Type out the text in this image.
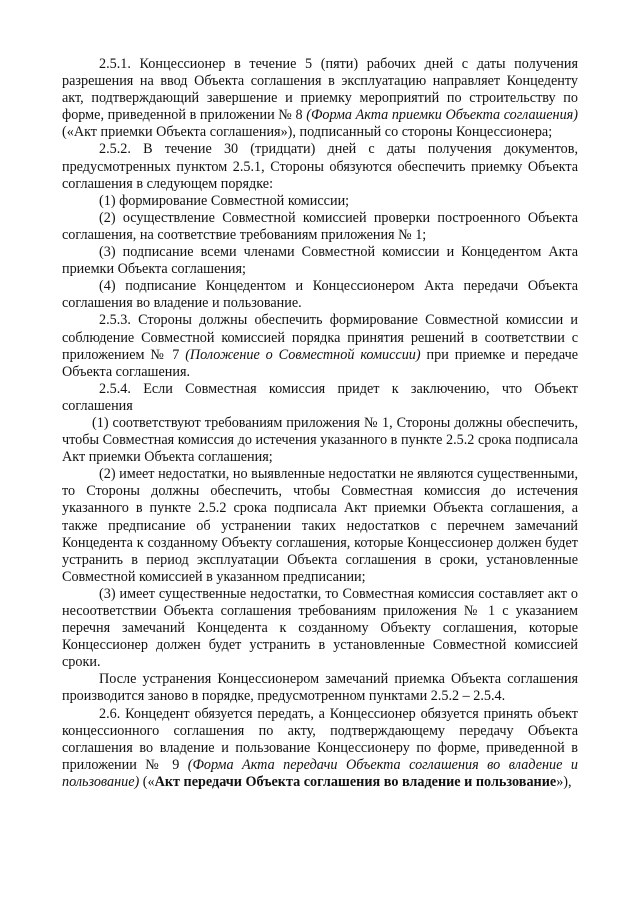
2.5.1. Концессионер в течение 5 (пяти) рабочих дней с даты получения разрешения на ввод Объекта соглашения в эксплуатацию направляет Концеденту акт, подтверждающий завершение и приемку мероприятий по строительству по форме, приведенной в приложении № 8 (Форма Акта приемки Объекта соглашения) («Акт приемки Объекта соглашения»), подписанный со стороны Концессионера;

2.5.2. В течение 30 (тридцати) дней с даты получения документов, предусмотренных пунктом 2.5.1, Стороны обязуются обеспечить приемку Объекта соглашения в следующем порядке:

(1) формирование Совместной комиссии;

(2) осуществление Совместной комиссией проверки построенного Объекта соглашения, на соответствие требованиям приложения № 1;

(3) подписание всеми членами Совместной комиссии и Концедентом Акта приемки Объекта соглашения;

(4) подписание Концедентом и Концессионером Акта передачи Объекта соглашения во владение и пользование.

2.5.3. Стороны должны обеспечить формирование Совместной комиссии и соблюдение Совместной комиссией порядка принятия решений в соответствии с приложением № 7 (Положение о Совместной комиссии) при приемке и передаче Объекта соглашения.

2.5.4. Если Совместная комиссия придет к заключению, что Объект соглашения

(1) соответствуют требованиям приложения № 1, Стороны должны обеспечить, чтобы Совместная комиссия до истечения указанного в пункте 2.5.2 срока подписала Акт приемки Объекта соглашения;

(2) имеет недостатки, но выявленные недостатки не являются существенными, то Стороны должны обеспечить, чтобы Совместная комиссия до истечения указанного в пункте 2.5.2 срока подписала Акт приемки Объекта соглашения, а также предписание об устранении таких недостатков с перечнем замечаний Концедента к созданному Объекту соглашения, которые Концессионер должен будет устранить в период эксплуатации Объекта соглашения в сроки, установленные Совместной комиссией в указанном предписании;

(3) имеет существенные недостатки, то Совместная комиссия составляет акт о несоответствии Объекта соглашения требованиям приложения № 1 с указанием перечня замечаний Концедента к созданному Объекту соглашения, которые Концессионер должен будет устранить в установленные Совместной комиссией сроки.

После устранения Концессионером замечаний приемка Объекта соглашения производится заново в порядке, предусмотренном пунктами 2.5.2 – 2.5.4.

2.6. Концедент обязуется передать, а Концессионер обязуется принять объект концессионного соглашения по акту, подтверждающему передачу Объекта соглашения во владение и пользование Концессионеру по форме, приведенной в приложении № 9 (Форма Акта передачи Объекта соглашения во владение и пользование) («Акт передачи Объекта соглашения во владение и пользование»),
